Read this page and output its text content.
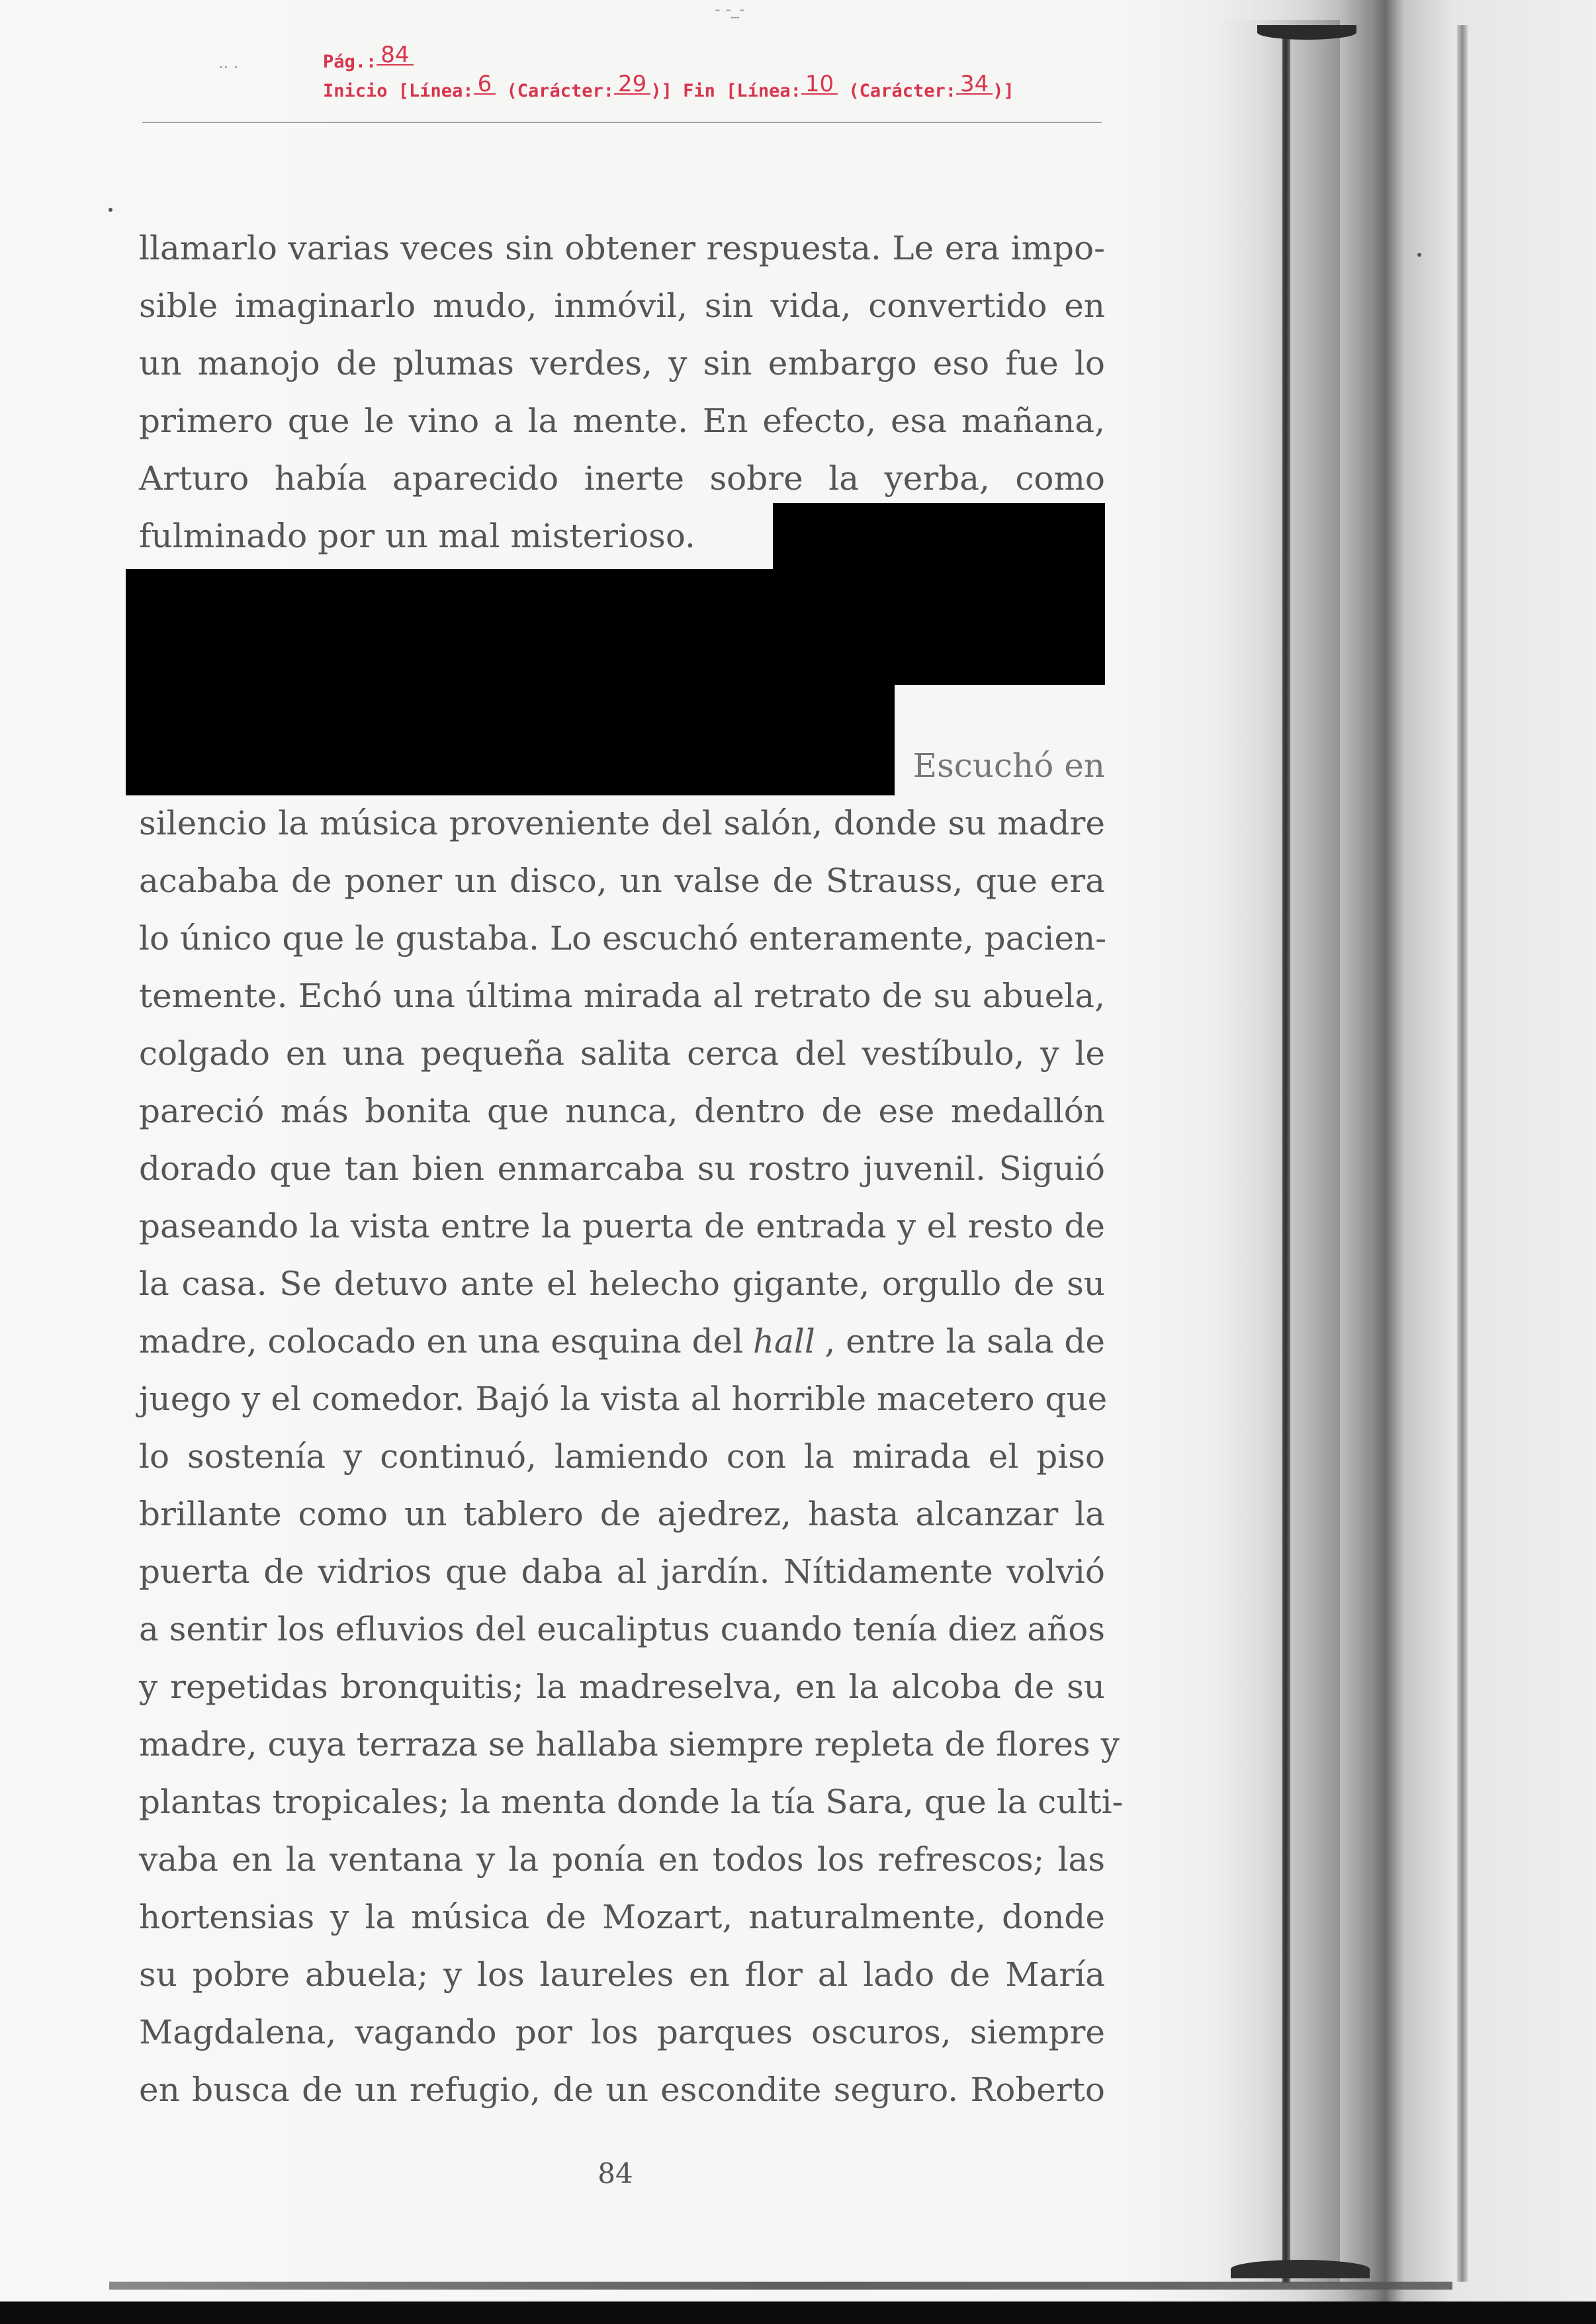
·· ·
- -_-
Pág.: 84
Inicio [Línea: 6 (Carácter: 29 )] Fin [Línea: 10 (Carácter: 34 )]
llamarlo varias veces sin obtener respuesta. Le era impo-
sible imaginarlo mudo, inmóvil, sin vida, convertido en
un manojo de plumas verdes, y sin embargo eso fue lo
primero que le vino a la mente. En efecto, esa mañana,
Arturo había aparecido inerte sobre la yerba, como
fulminado por un mal misterioso.
Escuchó en
silencio la música proveniente del salón, donde su madre
acababa de poner un disco, un valse de Strauss, que era
lo único que le gustaba. Lo escuchó enteramente, pacien-
temente. Echó una última mirada al retrato de su abuela,
colgado en una pequeña salita cerca del vestíbulo, y le
pareció más bonita que nunca, dentro de ese medallón
dorado que tan bien enmarcaba su rostro juvenil. Siguió
paseando la vista entre la puerta de entrada y el resto de
la casa. Se detuvo ante el helecho gigante, orgullo de su
madre, colocado en una esquina del hall , entre la sala de
juego y el comedor. Bajó la vista al horrible macetero que
lo sostenía y continuó, lamiendo con la mirada el piso
brillante como un tablero de ajedrez, hasta alcanzar la
puerta de vidrios que daba al jardín. Nítidamente volvió
a sentir los efluvios del eucaliptus cuando tenía diez años
y repetidas bronquitis; la madreselva, en la alcoba de su
madre, cuya terraza se hallaba siempre repleta de flores y
plantas tropicales; la menta donde la tía Sara, que la culti-
vaba en la ventana y la ponía en todos los refrescos; las
hortensias y la música de Mozart, naturalmente, donde
su pobre abuela; y los laureles en flor al lado de María
Magdalena, vagando por los parques oscuros, siempre
en busca de un refugio, de un escondite seguro. Roberto
84
